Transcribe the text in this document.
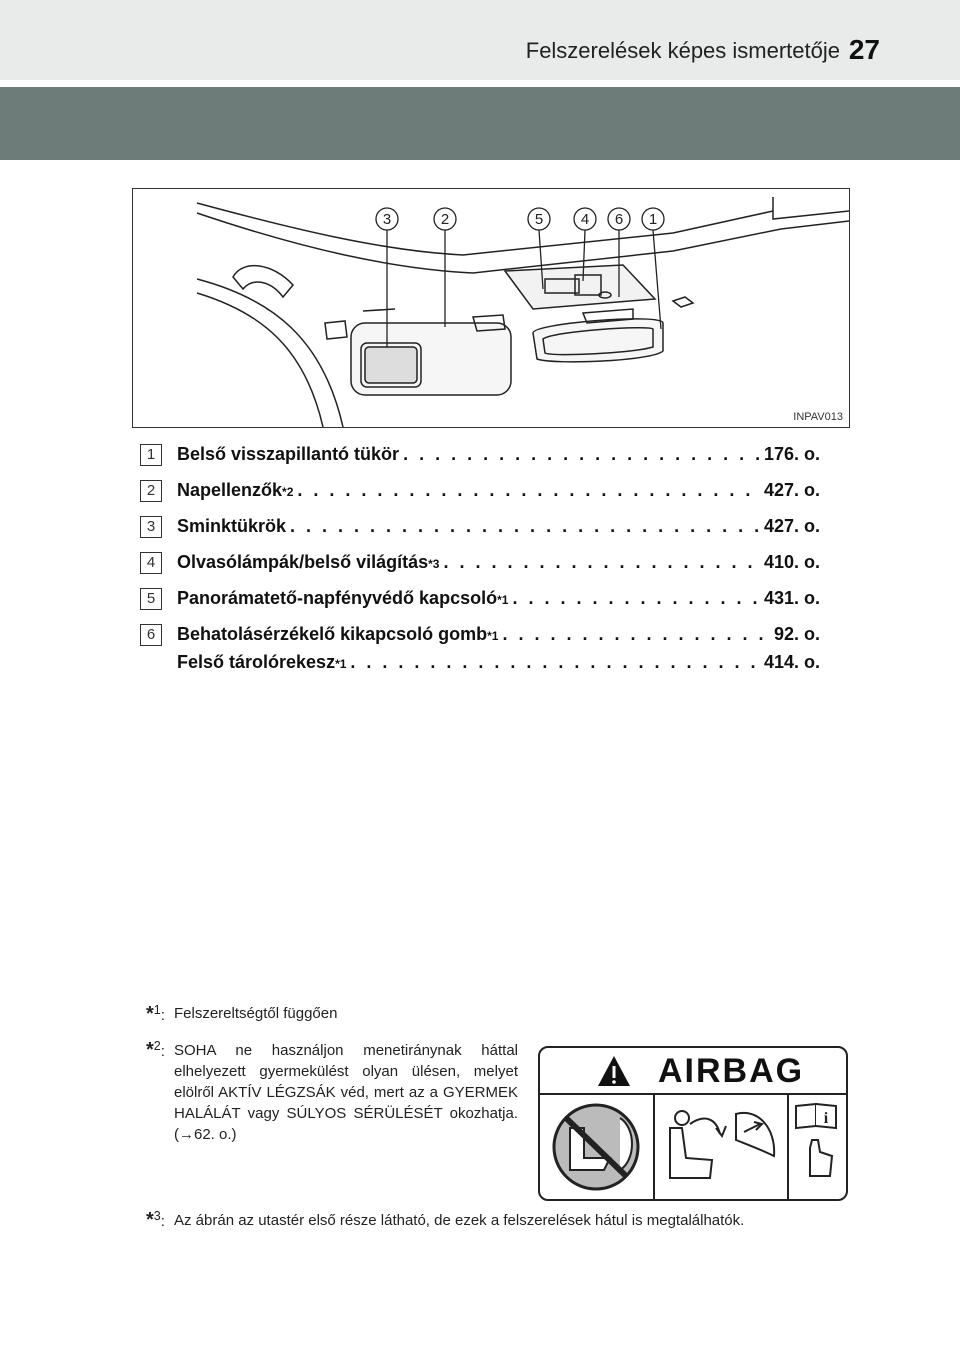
Felszerelések képes ismertetője 27
3	2	5	4 6 1
INPAV013
1	Belső visszapillantó tükör . . .	176. o.
2	Napellenzők *2 . . .	427. o.
3	Sminktükrök . . .	427. o.
4	Olvasólámpák/belső világítás *3 . . .	410. o.
5	Panorámatető-napfényvédő kapcsoló *1 . . .	431. o.
6	Behatolásérzékelő kikapcsoló gomb *1 . . .	92. o.
Felső tárolórekesz *1 . . .	414. o.
*$^1$: Felszereltségtől függően
*$^2$: SOHA ne használjon menetiránynak háttal elhelyezett gyermekülést olyan ülésen, melyet elölről AKTÍV LÉGZSÁK véd, mert az a GYERMEK HALÁLÁT vagy SÚLYOS SÉRÜLÉSÉT okozhatja. (→62. o.)
i
AIRBAG
*$^3$: Az ábrán az utastér első része látható, de ezek a felszerelések hátul is megtalálhatók.
